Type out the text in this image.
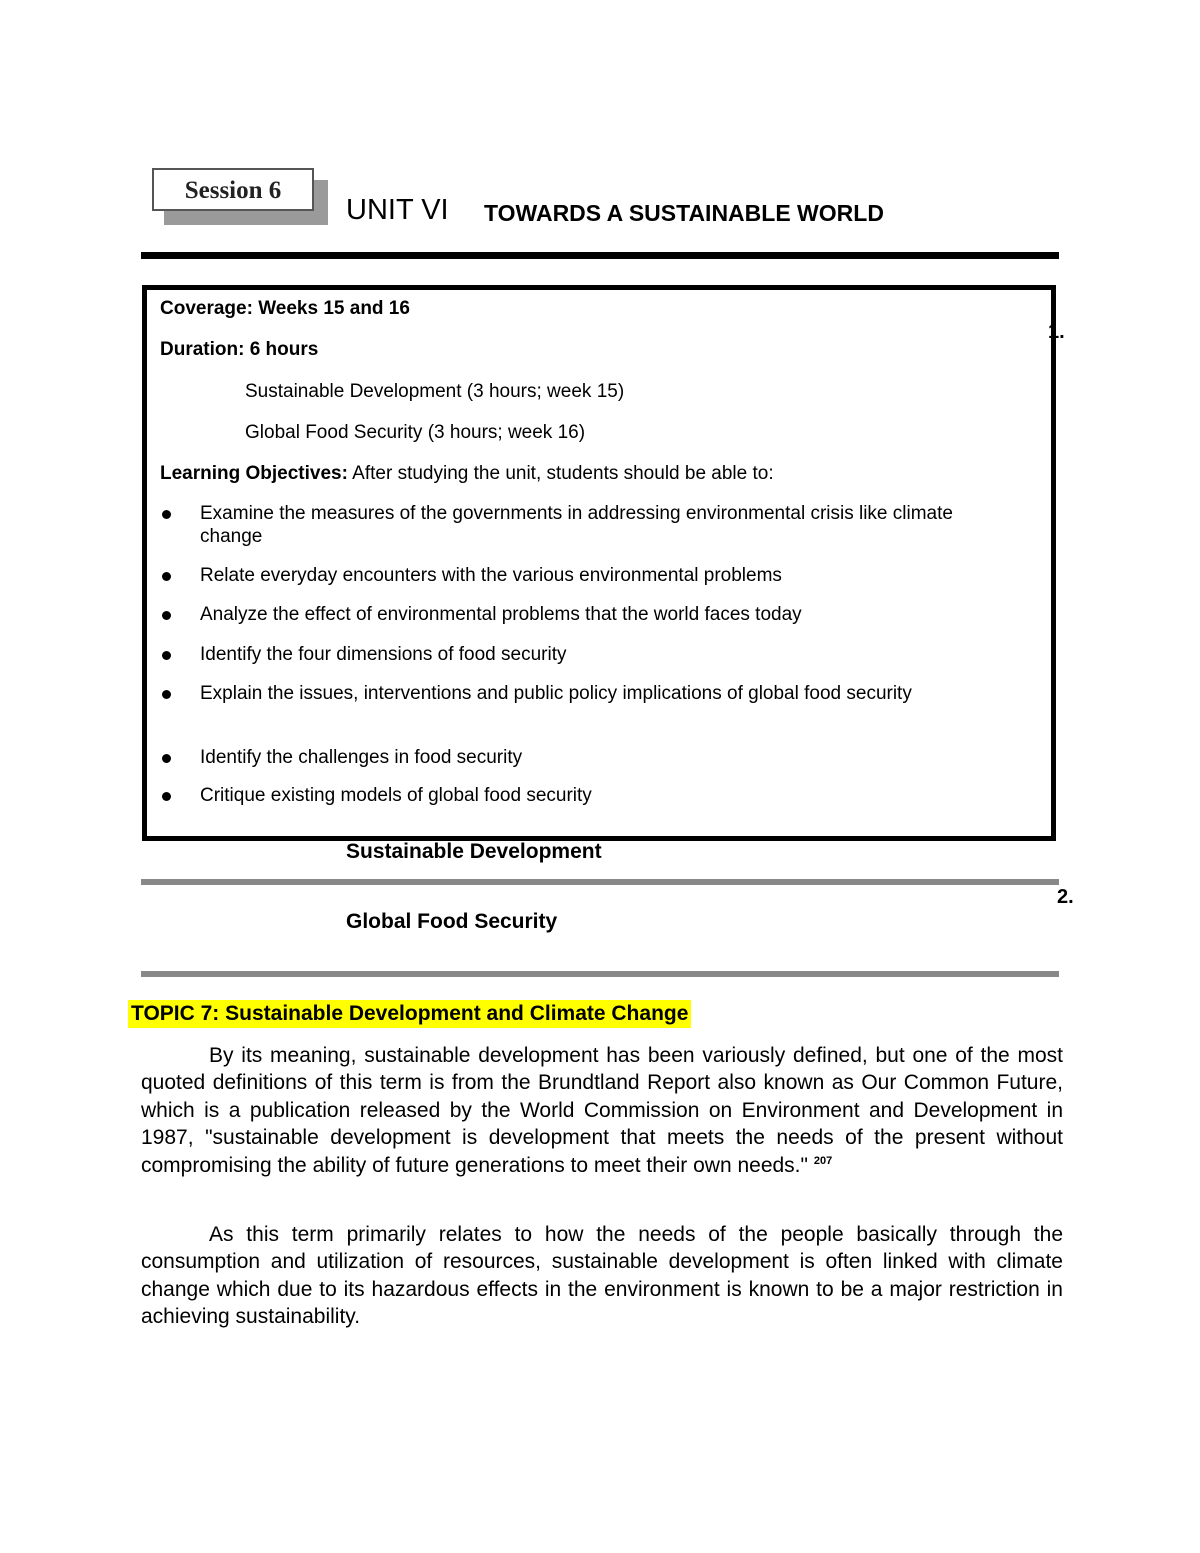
Session 6
UNIT VI TOWARDS A SUSTAINABLE WORLD
Coverage: Weeks 15 and 16
Duration: 6 hours
Sustainable Development (3 hours; week 15)
Global Food Security (3 hours; week 16)
Learning Objectives: After studying the unit, students should be able to:
Examine the measures of the governments in addressing environmental crisis like climate change
Relate everyday encounters with the various environmental problems
Analyze the effect of environmental problems that the world faces today
Identify the four dimensions of food security
Explain the issues, interventions and public policy implications of global food security
Identify the challenges in food security
Critique existing models of global food security
1.
Sustainable Development
2.
Global Food Security
TOPIC 7: Sustainable Development and Climate Change

By its meaning, sustainable development has been variously defined, but one of the most quoted definitions of this term is from the Brundtland Report also known as Our Common Future, which is a publication released by the World Commission on Environment and Development in 1987, "sustainable development is development that meets the needs of the present without compromising the ability of future generations to meet their own needs." $^{207}$

As this term primarily relates to how the needs of the people basically through the consumption and utilization of resources, sustainable development is often linked with climate change which due to its hazardous effects in the environment is known to be a major restriction in achieving sustainability.
